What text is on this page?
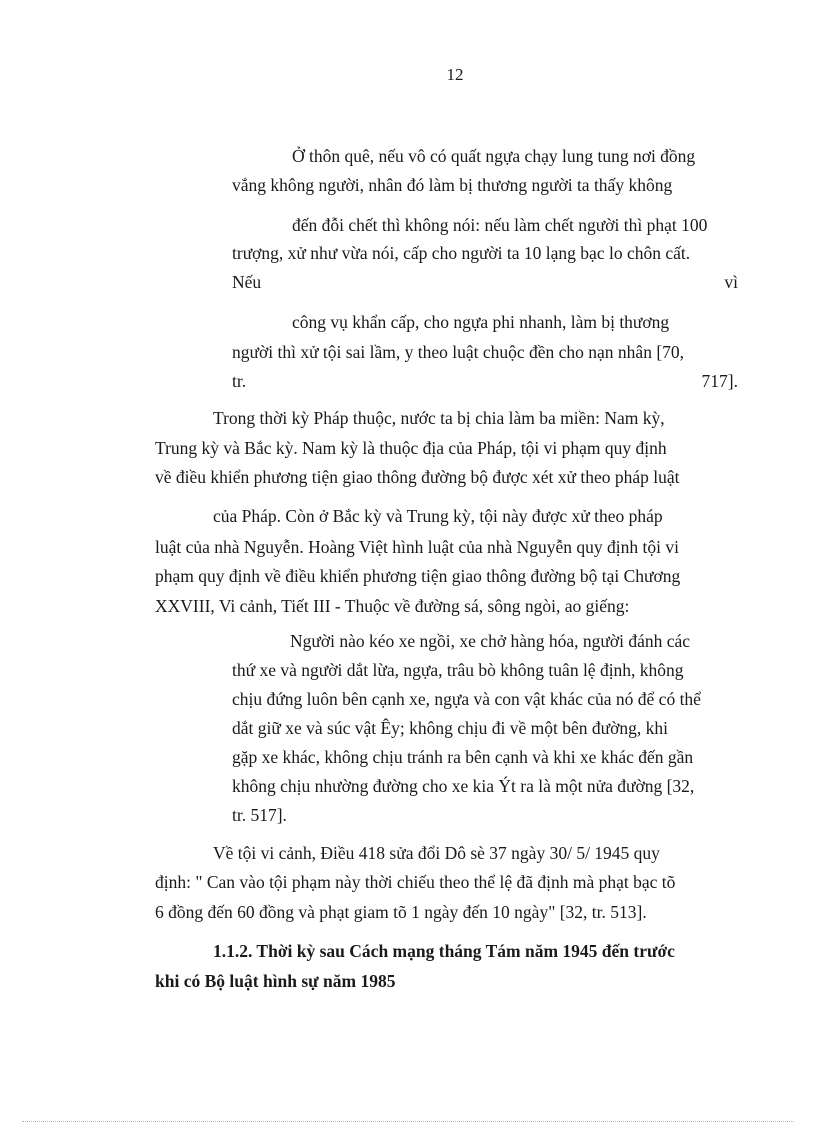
12
Ở thôn quê, nếu vô có quất ngựa chạy lung tung nơi đồng
vắng không người, nhân đó làm bị thương người ta thấy không
đến đỗi chết thì không nói: nếu làm chết người thì phạt 100
trượng, xử như vừa nói, cấp cho người ta 10 lạng bạc lo chôn cất.
Nếu	vì
công vụ khẩn cấp, cho ngựa phi nhanh, làm bị thương
người thì xử tội sai lầm, y theo luật chuộc đền cho nạn nhân [70,
tr.	717].
Trong thời kỳ Pháp thuộc, nước ta bị chia làm ba miền: Nam kỳ,
Trung kỳ và Bắc kỳ. Nam kỳ là thuộc địa của Pháp, tội vi phạm quy định
về điều khiển phương tiện giao thông đường bộ được xét xử theo pháp luật
của Pháp. Còn ở Bắc kỳ và Trung kỳ, tội này được xử theo pháp
luật của nhà Nguyễn. Hoàng Việt hình luật của nhà Nguyễn quy định tội vi
phạm quy định về điều khiển phương tiện giao thông đường bộ tại Chương
XXVIII, Vi cảnh, Tiết III - Thuộc về đường sá, sông ngòi, ao giếng:
Người nào kéo xe ngồi, xe chở hàng hóa, người đánh các
thứ xe và người dắt lừa, ngựa, trâu bò không tuân lệ định, không
chịu đứng luôn bên cạnh xe, ngựa và con vật khác của nó để có thể
dắt giữ xe và súc vật Êy; không chịu đi về một bên đường, khi
gặp xe khác, không chịu tránh ra bên cạnh và khi xe khác đến gần
không chịu nhường đường cho xe kia Ýt ra là một nửa đường [32,
tr. 517].
Về tội vi cảnh, Điều 418 sửa đổi Dô sè 37 ngày 30/ 5/ 1945 quy
định: " Can vào tội phạm này thời chiếu theo thể lệ đã định mà phạt bạc tõ
6 đồng đến 60 đồng và phạt giam tõ 1 ngày đến 10 ngày" [32, tr. 513].
1.1.2. Thời kỳ sau Cách mạng tháng Tám năm 1945 đến trước
khi có Bộ luật hình sự năm 1985
